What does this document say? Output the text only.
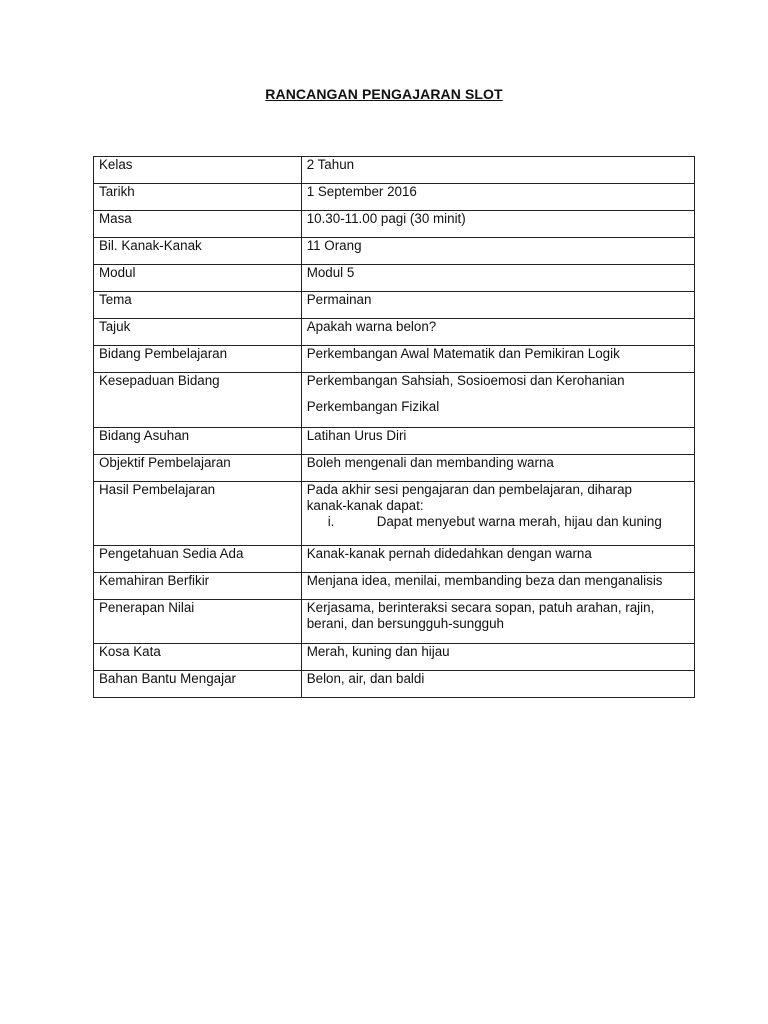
RANCANGAN PENGAJARAN SLOT
Kelas	2 Tahun
Tarikh	1 September 2016
Masa	10.30-11.00 pagi (30 minit)
Bil. Kanak-Kanak	11 Orang
Modul	Modul 5
Tema	Permainan
Tajuk	Apakah warna belon?
Bidang Pembelajaran	Perkembangan Awal Matematik dan Pemikiran Logik
Kesepaduan Bidang	Perkembangan Sahsiah, Sosioemosi dan Kerohanian
Perkembangan Fizikal

Bidang Asuhan	Latihan Urus Diri
Objektif Pembelajaran	Boleh mengenali dan membanding warna
Hasil Pembelajaran	Pada akhir sesi pengajaran dan pembelajaran, diharap
kanak-kanak dapat:
i. Dapat menyebut warna merah, hijau dan kuning

Pengetahuan Sedia Ada	Kanak-kanak pernah didedahkan dengan warna
Kemahiran Berfikir	Menjana idea, menilai, membanding beza dan menganalisis
Penerapan Nilai	Kerjasama, berinteraksi secara sopan, patuh arahan, rajin,
berani, dan bersungguh-sungguh

Kosa Kata	Merah, kuning dan hijau
Bahan Bantu Mengajar	Belon, air, dan baldi
